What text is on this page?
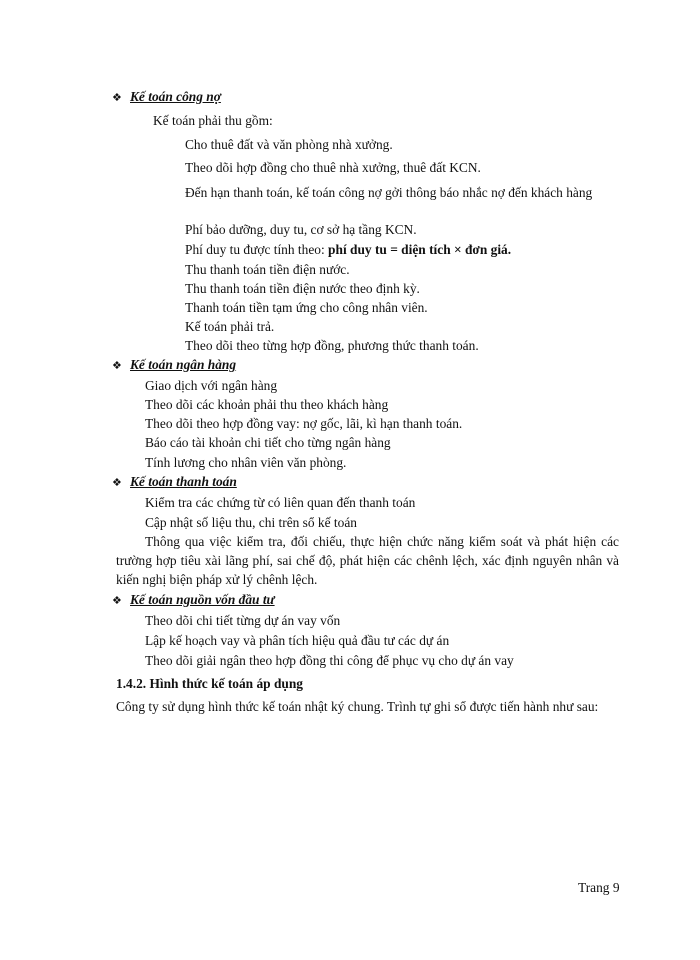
❖ Kế toán công nợ
Kế toán phải thu gồm:
Cho thuê đất và văn phòng nhà xưởng.
Theo dõi hợp đồng cho thuê nhà xưởng, thuê đất KCN.
Đến hạn thanh toán, kế toán công nợ gởi thông báo nhắc nợ đến khách hàng
Phí bảo dưỡng, duy tu, cơ sở hạ tầng KCN.
Phí duy tu được tính theo: phí duy tu = diện tích × đơn giá.
Thu thanh toán tiền điện nước.
Thu thanh toán tiền điện nước theo định kỳ.
Thanh toán tiền tạm ứng cho công nhân viên.
Kế toán phải trả.
Theo dõi theo từng hợp đồng, phương thức thanh toán.
❖ Kế toán ngân hàng
Giao dịch với ngân hàng
Theo dõi các khoản phải thu theo khách hàng
Theo dõi theo hợp đồng vay: nợ gốc, lãi, kì hạn thanh toán.
Báo cáo tài khoản chi tiết cho từng ngân hàng
Tính lương cho nhân viên văn phòng.
❖ Kế toán thanh toán
Kiểm tra các chứng từ có liên quan đến thanh toán
Cập nhật số liệu thu, chi trên sổ kế toán
Thông qua việc kiểm tra, đối chiếu, thực hiện chức năng kiểm soát và phát hiện các trường hợp tiêu xài lãng phí, sai chế độ, phát hiện các chênh lệch, xác định nguyên nhân và kiến nghị biện pháp xử lý chênh lệch.
❖ Kế toán nguồn vốn đầu tư
Theo dõi chi tiết từng dự án vay vốn
Lập kế hoạch vay và phân tích hiệu quả đầu tư các dự án
Theo dõi giải ngân theo hợp đồng thi công để phục vụ cho dự án vay
1.4.2. Hình thức kế toán áp dụng
Công ty sử dụng hình thức kế toán nhật ký chung. Trình tự ghi sổ được tiến hành như sau:
Trang 9
